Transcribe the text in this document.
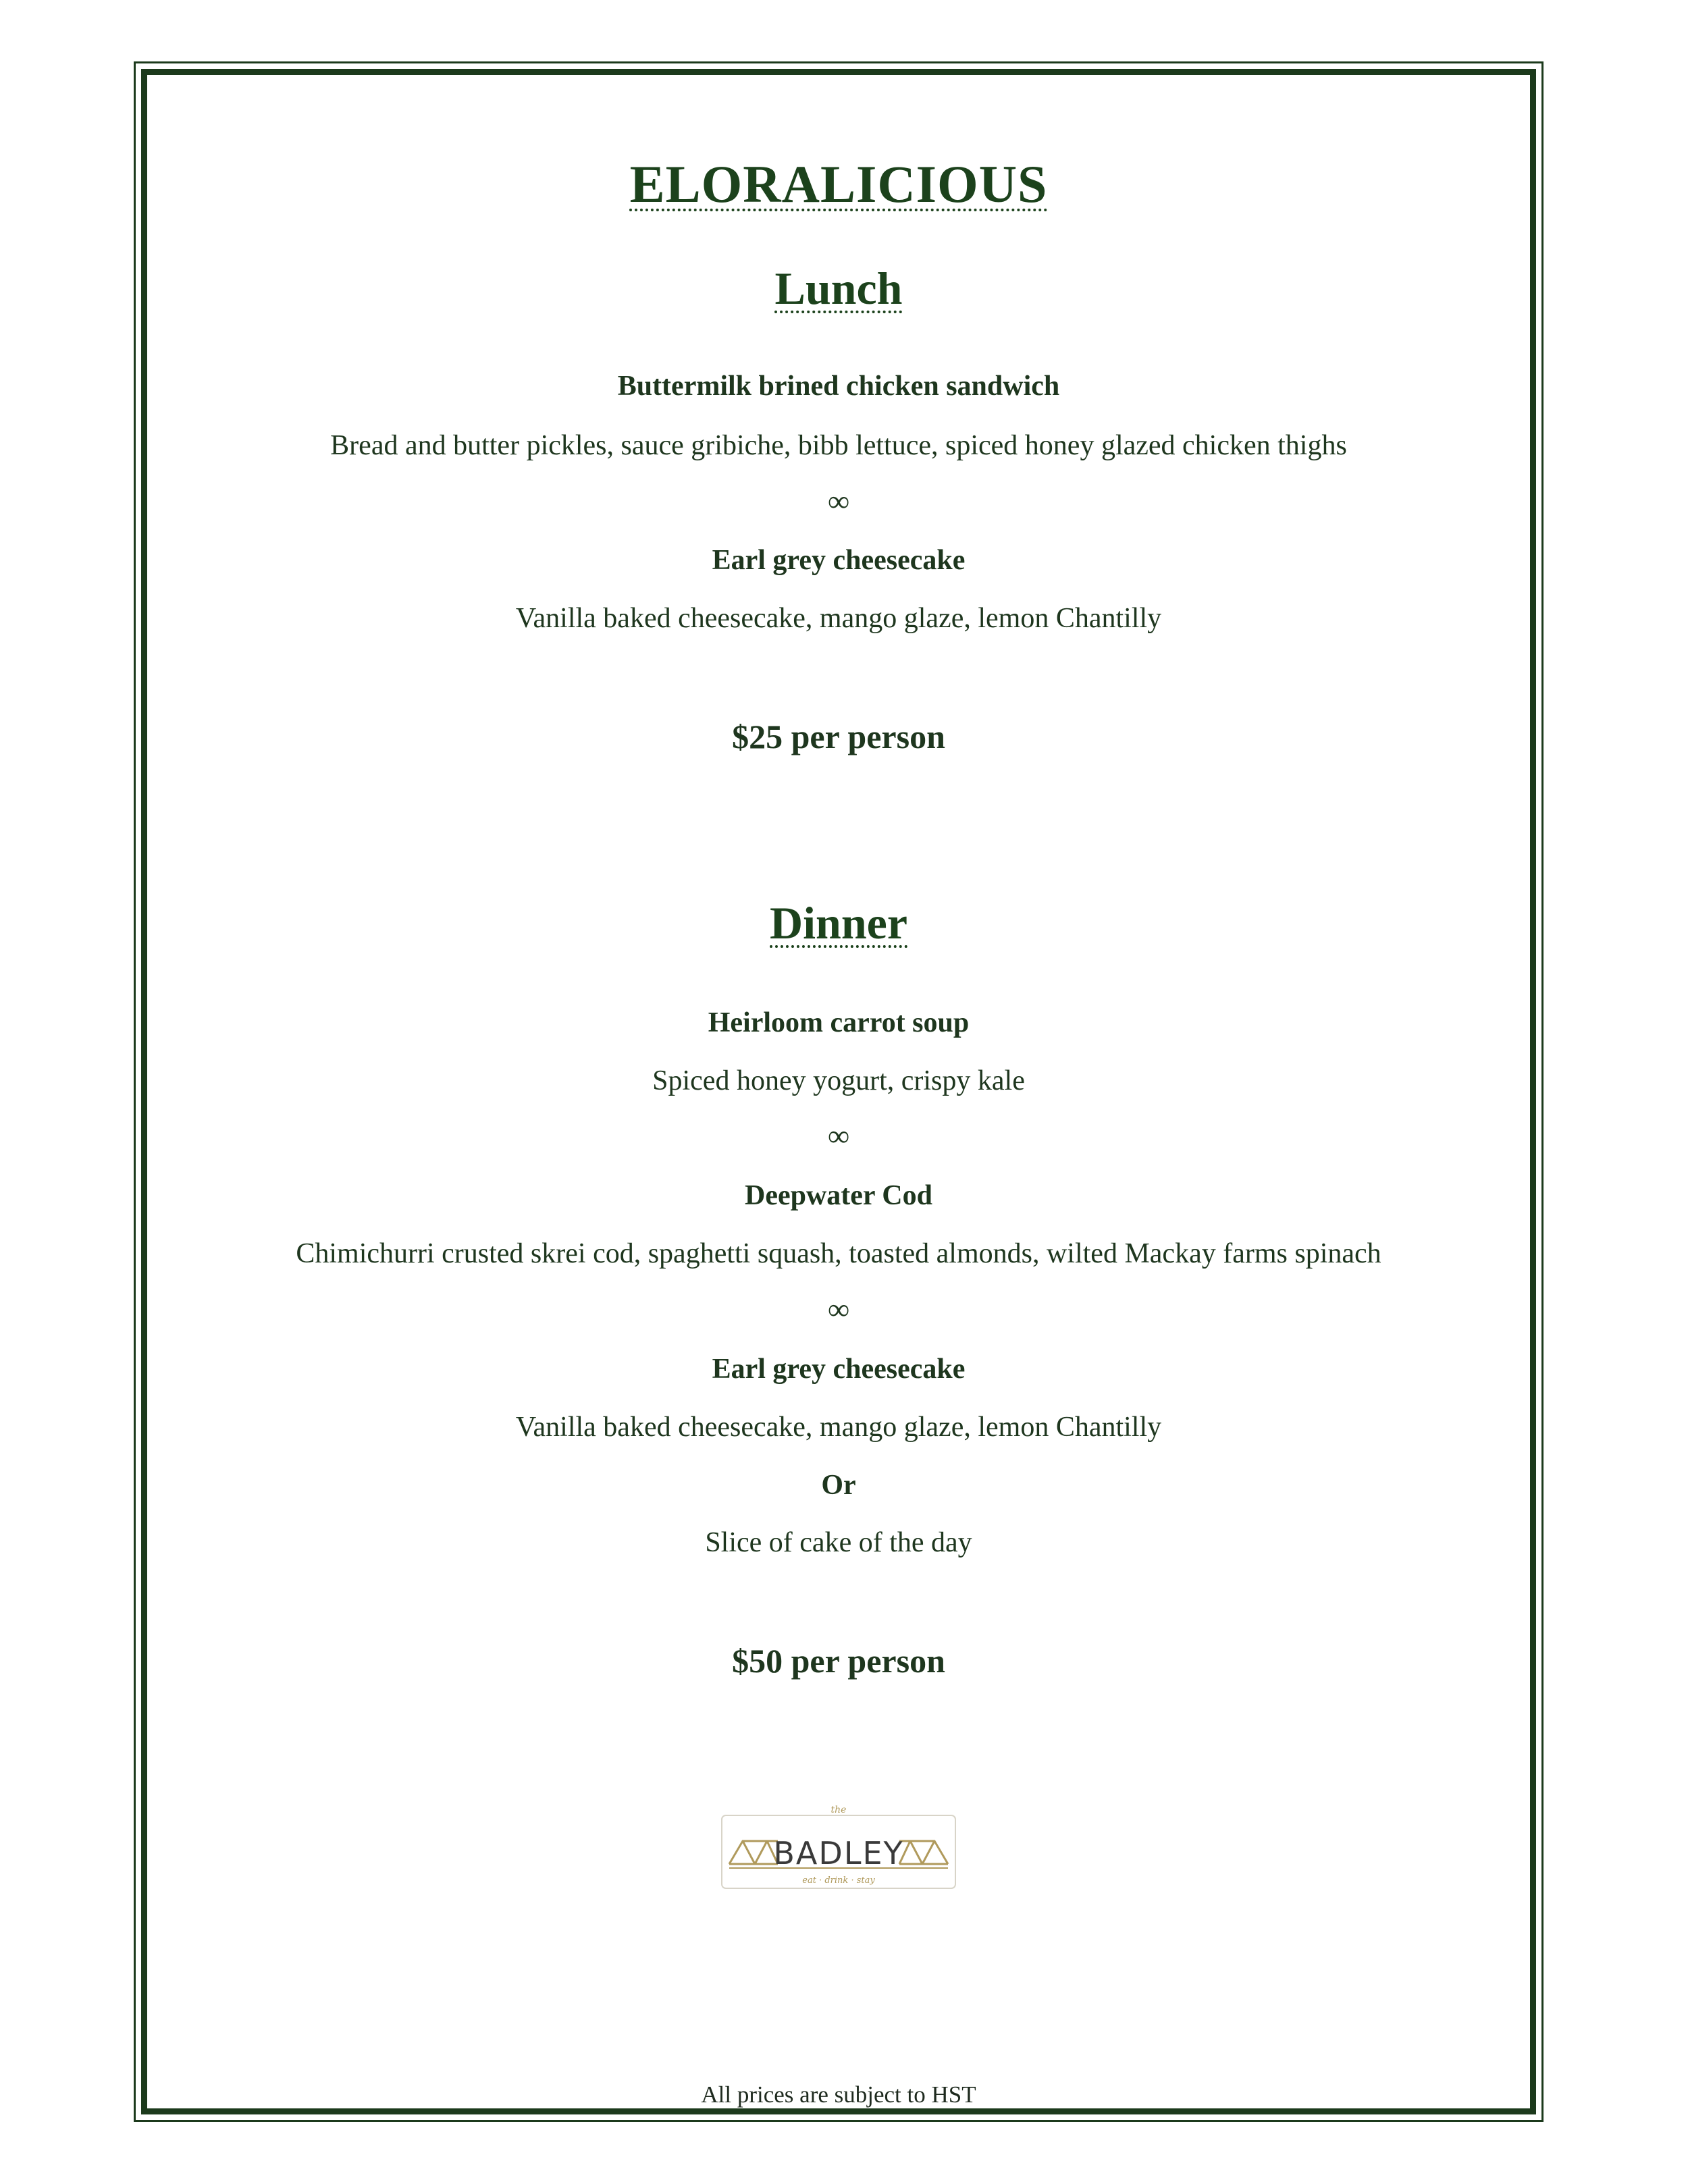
ELORALICIOUS
Lunch
Buttermilk brined chicken sandwich
Bread and butter pickles, sauce gribiche, bibb lettuce, spiced honey glazed chicken thighs
∞
Earl grey cheesecake
Vanilla baked cheesecake, mango glaze, lemon Chantilly
$25 per person
Dinner
Heirloom carrot soup
Spiced honey yogurt, crispy kale
∞
Deepwater Cod
Chimichurri crusted skrei cod, spaghetti squash, toasted almonds, wilted Mackay farms spinach
∞
Earl grey cheesecake
Vanilla baked cheesecake, mango glaze, lemon Chantilly
Or
Slice of cake of the day
$50 per person
the
BADLEY
eat · drink · stay
All prices are subject to HST
